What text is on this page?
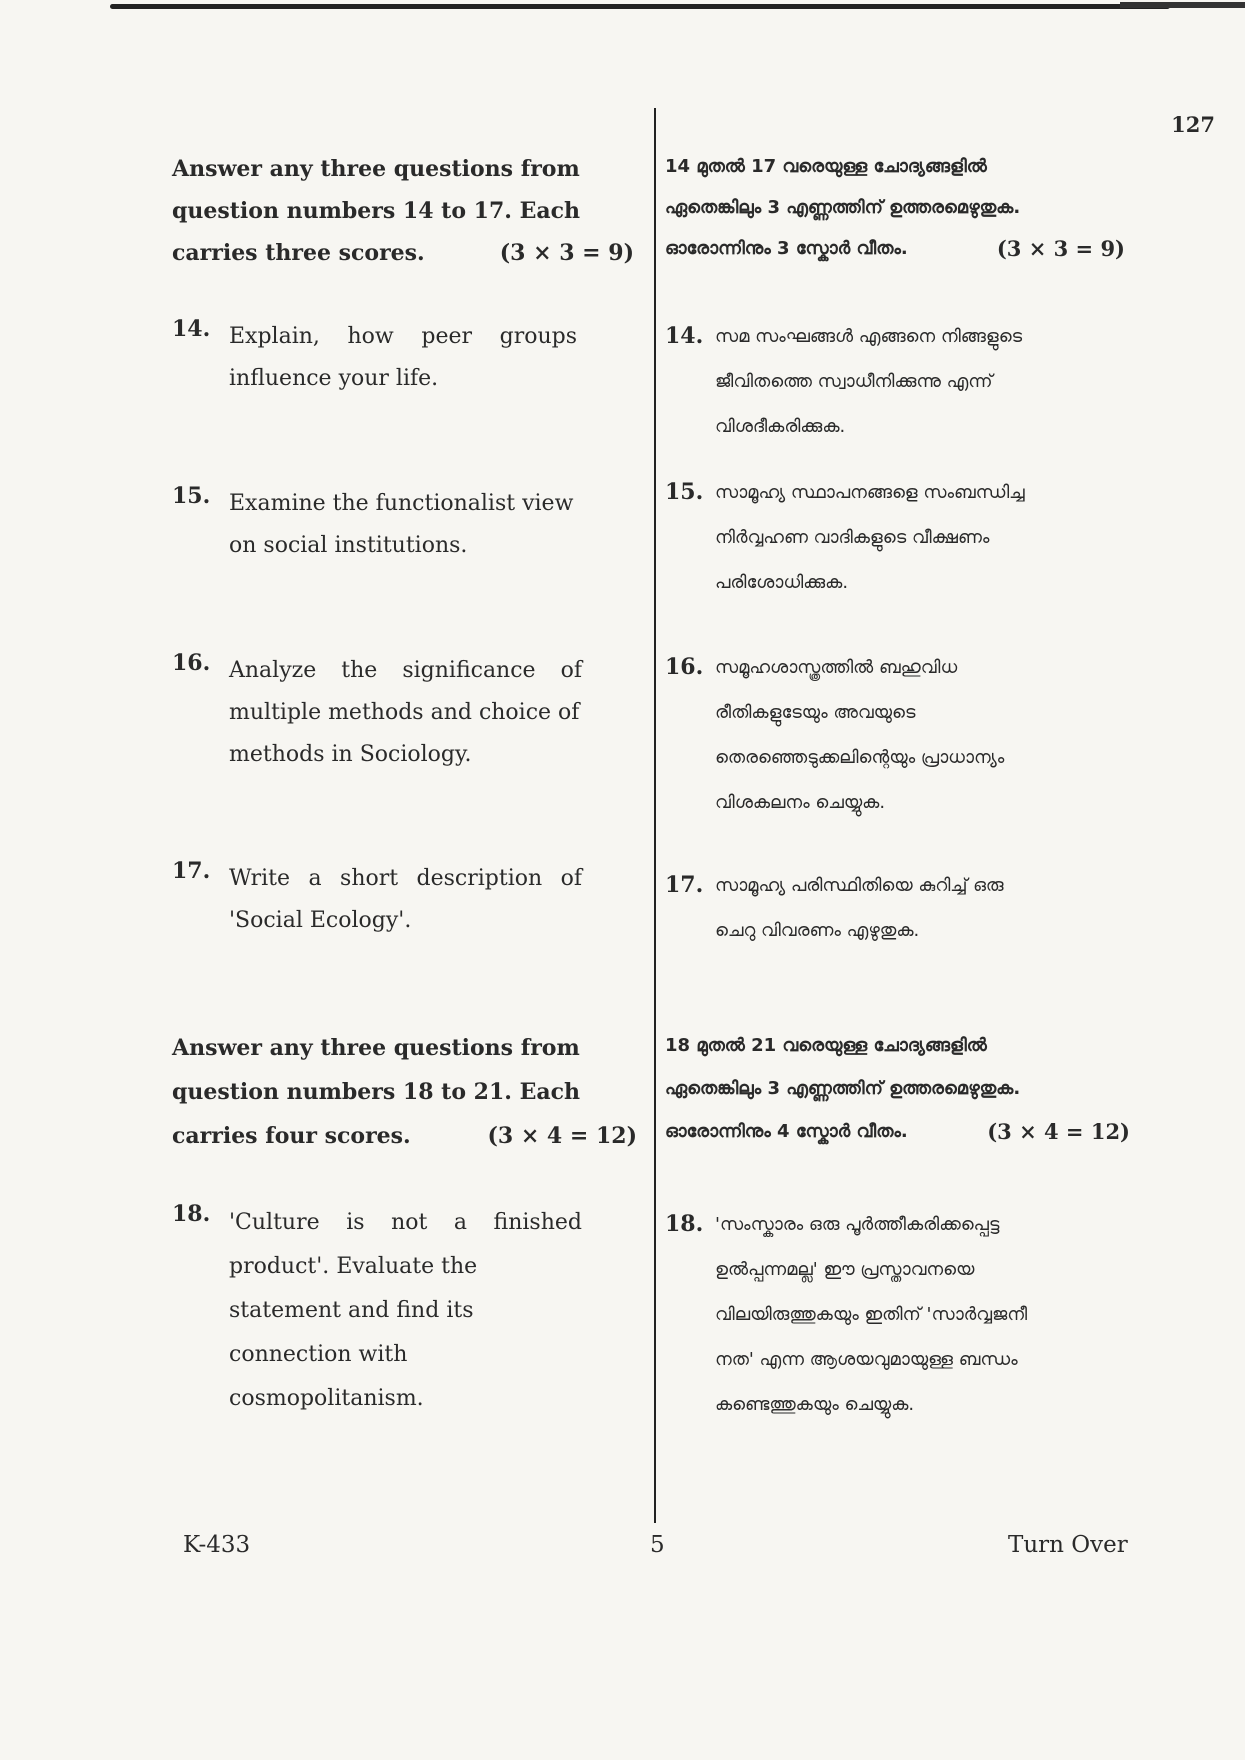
127
Answer any three questions from
question numbers 14 to 17. Each
carries three scores.	(3 × 3 = 9)
14. Explain, how peer groups
influence your life.
15. Examine the functionalist view
on social institutions.
16. Analyze the significance of
multiple methods and choice of
methods in Sociology.
17. Write a short description of
'Social Ecology'.
Answer any three questions from
question numbers 18 to 21. Each
carries four scores.	(3 × 4 = 12)
18. 'Culture is not a finished
product'. Evaluate the
statement and find its
connection with
cosmopolitanism.
14 മുതൽ 17 വരെയുള്ള ചോദ്യങ്ങളിൽ
ഏതെങ്കിലും 3 എണ്ണത്തിന് ഉത്തരമെഴുതുക.
ഓരോന്നിനും 3 സ്കോർ വീതം.	(3 × 3 = 9)
14. സമ സംഘങ്ങൾ എങ്ങനെ നിങ്ങളുടെ
ജീവിതത്തെ സ്വാധീനിക്കുന്നു എന്ന്
വിശദീകരിക്കുക.
15. സാമൂഹ്യ സ്ഥാപനങ്ങളെ സംബന്ധിച്ച
നിർവ്വഹണ വാദികളുടെ വീക്ഷണം
പരിശോധിക്കുക.
16. സമൂഹശാസ്ത്രത്തിൽ ബഹുവിധ
രീതികളുടേയും അവയുടെ
തെരഞ്ഞെടുക്കലിന്റെയും പ്രാധാന്യം
വിശകലനം ചെയ്യുക.
17. സാമൂഹ്യ പരിസ്ഥിതിയെ കുറിച്ച് ഒരു
ചെറു വിവരണം എഴുതുക.
18 മുതൽ 21 വരെയുള്ള ചോദ്യങ്ങളിൽ
ഏതെങ്കിലും 3 എണ്ണത്തിന് ഉത്തരമെഴുതുക.
ഓരോന്നിനും 4 സ്കോർ വീതം.	(3 × 4 = 12)
18. 'സംസ്കാരം ഒരു പൂർത്തീകരിക്കപ്പെട്ട
ഉൽപ്പന്നമല്ല' ഈ പ്രസ്താവനയെ
വിലയിരുത്തുകയും ഇതിന് 'സാർവ്വജനീ
നത' എന്ന ആശയവുമായുള്ള ബന്ധം
കണ്ടെത്തുകയും ചെയ്യുക.
K-433	5	Turn Over
